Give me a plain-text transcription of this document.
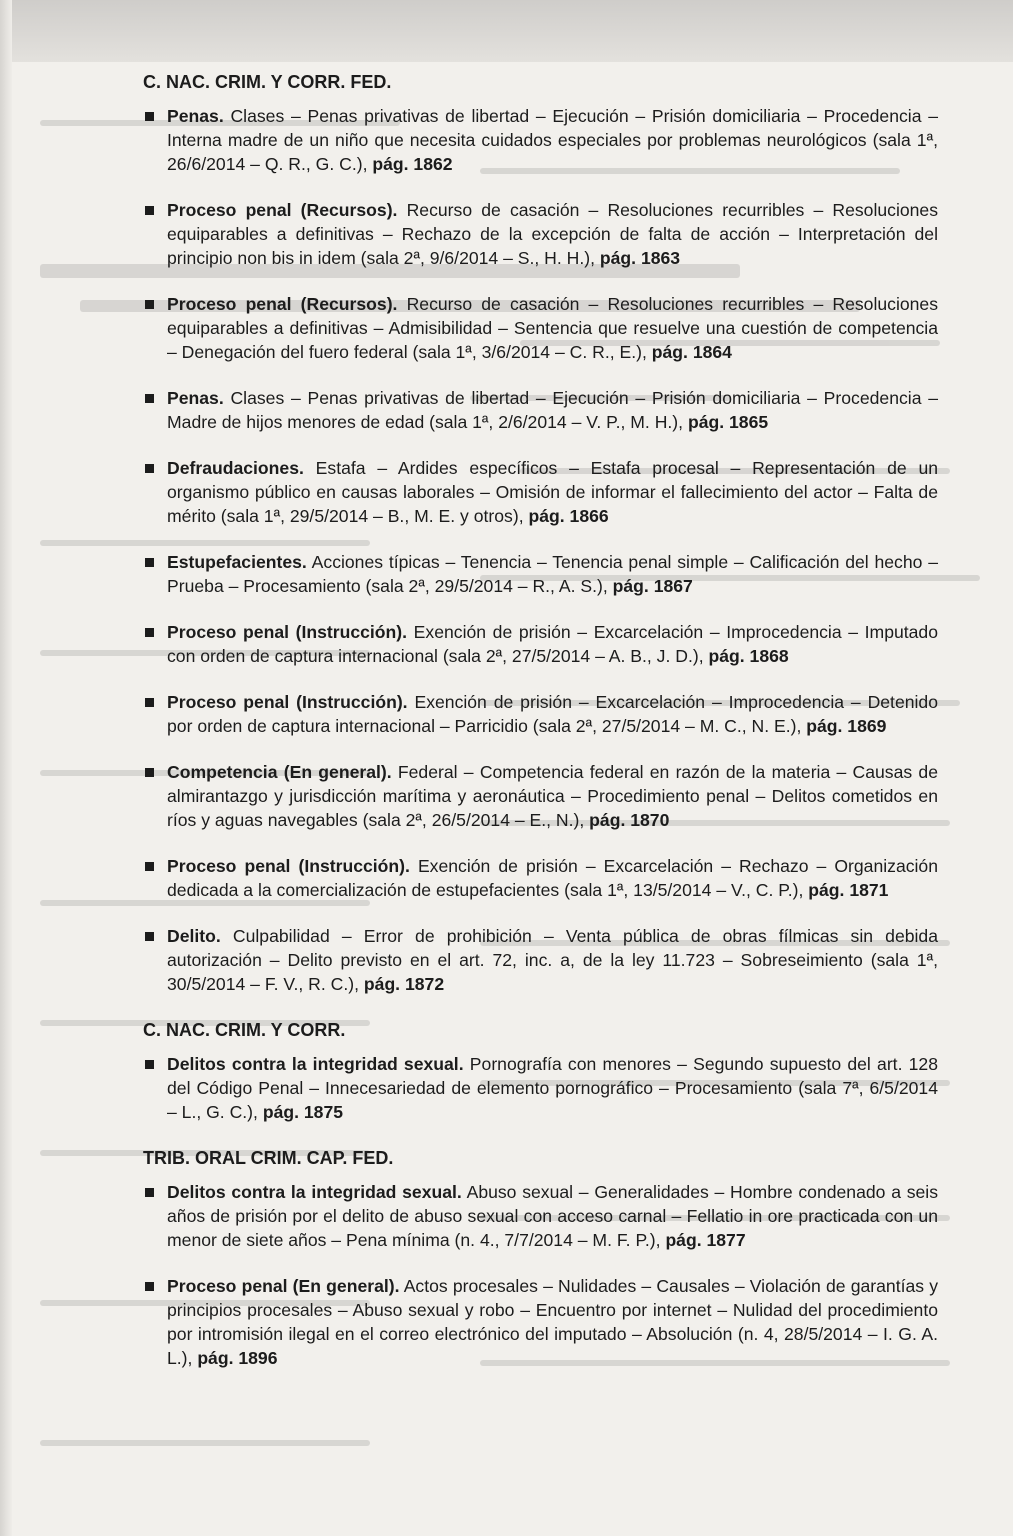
C. NAC. CRIM. Y CORR. FED.

Penas. Clases – Penas privativas de libertad – Ejecución – Prisión domiciliaria – Procedencia – Interna madre de un niño que necesita cuidados especiales por problemas neurológicos (sala 1ª, 26/6/2014 – Q. R., G. C.), pág. 1862

Proceso penal (Recursos). Recurso de casación – Resoluciones recurribles – Resoluciones equiparables a definitivas – Rechazo de la excepción de falta de acción – Interpretación del principio non bis in idem (sala 2ª, 9/6/2014 – S., H. H.), pág. 1863

Proceso penal (Recursos). Recurso de casación – Resoluciones recurribles – Resoluciones equiparables a definitivas – Admisibilidad – Sentencia que resuelve una cuestión de competencia – Denegación del fuero federal (sala 1ª, 3/6/2014 – C. R., E.), pág. 1864

Penas. Clases – Penas privativas de libertad – Ejecución – Prisión domiciliaria – Procedencia – Madre de hijos menores de edad (sala 1ª, 2/6/2014 – V. P., M. H.), pág. 1865

Defraudaciones. Estafa – Ardides específicos – Estafa procesal – Representación de un organismo público en causas laborales – Omisión de informar el fallecimiento del actor – Falta de mérito (sala 1ª, 29/5/2014 – B., M. E. y otros), pág. 1866

Estupefacientes. Acciones típicas – Tenencia – Tenencia penal simple – Calificación del hecho – Prueba – Procesamiento (sala 2ª, 29/5/2014 – R., A. S.), pág. 1867

Proceso penal (Instrucción). Exención de prisión – Excarcelación – Improcedencia – Imputado con orden de captura internacional (sala 2ª, 27/5/2014 – A. B., J. D.), pág. 1868

Proceso penal (Instrucción). Exención de prisión – Excarcelación – Improcedencia – Detenido por orden de captura internacional – Parricidio (sala 2ª, 27/5/2014 – M. C., N. E.), pág. 1869

Competencia (En general). Federal – Competencia federal en razón de la materia – Causas de almirantazgo y jurisdicción marítima y aeronáutica – Procedimiento penal – Delitos cometidos en ríos y aguas navegables (sala 2ª, 26/5/2014 – E., N.), pág. 1870

Proceso penal (Instrucción). Exención de prisión – Excarcelación – Rechazo – Organización dedicada a la comercialización de estupefacientes (sala 1ª, 13/5/2014 – V., C. P.), pág. 1871

Delito. Culpabilidad – Error de prohibición – Venta pública de obras fílmicas sin debida autorización – Delito previsto en el art. 72, inc. a, de la ley 11.723 – Sobreseimiento (sala 1ª, 30/5/2014 – F. V., R. C.), pág. 1872

C. NAC. CRIM. Y CORR.

Delitos contra la integridad sexual. Pornografía con menores – Segundo supuesto del art. 128 del Código Penal – Innecesariedad de elemento pornográfico – Procesamiento (sala 7ª, 6/5/2014 – L., G. C.), pág. 1875

TRIB. ORAL CRIM. CAP. FED.

Delitos contra la integridad sexual. Abuso sexual – Generalidades – Hombre condenado a seis años de prisión por el delito de abuso sexual con acceso carnal – Fellatio in ore practicada con un menor de siete años – Pena mínima (n. 4., 7/7/2014 – M. F. P.), pág. 1877

Proceso penal (En general). Actos procesales – Nulidades – Causales – Violación de garantías y principios procesales – Abuso sexual y robo – Encuentro por internet – Nulidad del procedimiento por intromisión ilegal en el correo electrónico del imputado – Absolución (n. 4, 28/5/2014 – I. G. A. L.), pág. 1896
